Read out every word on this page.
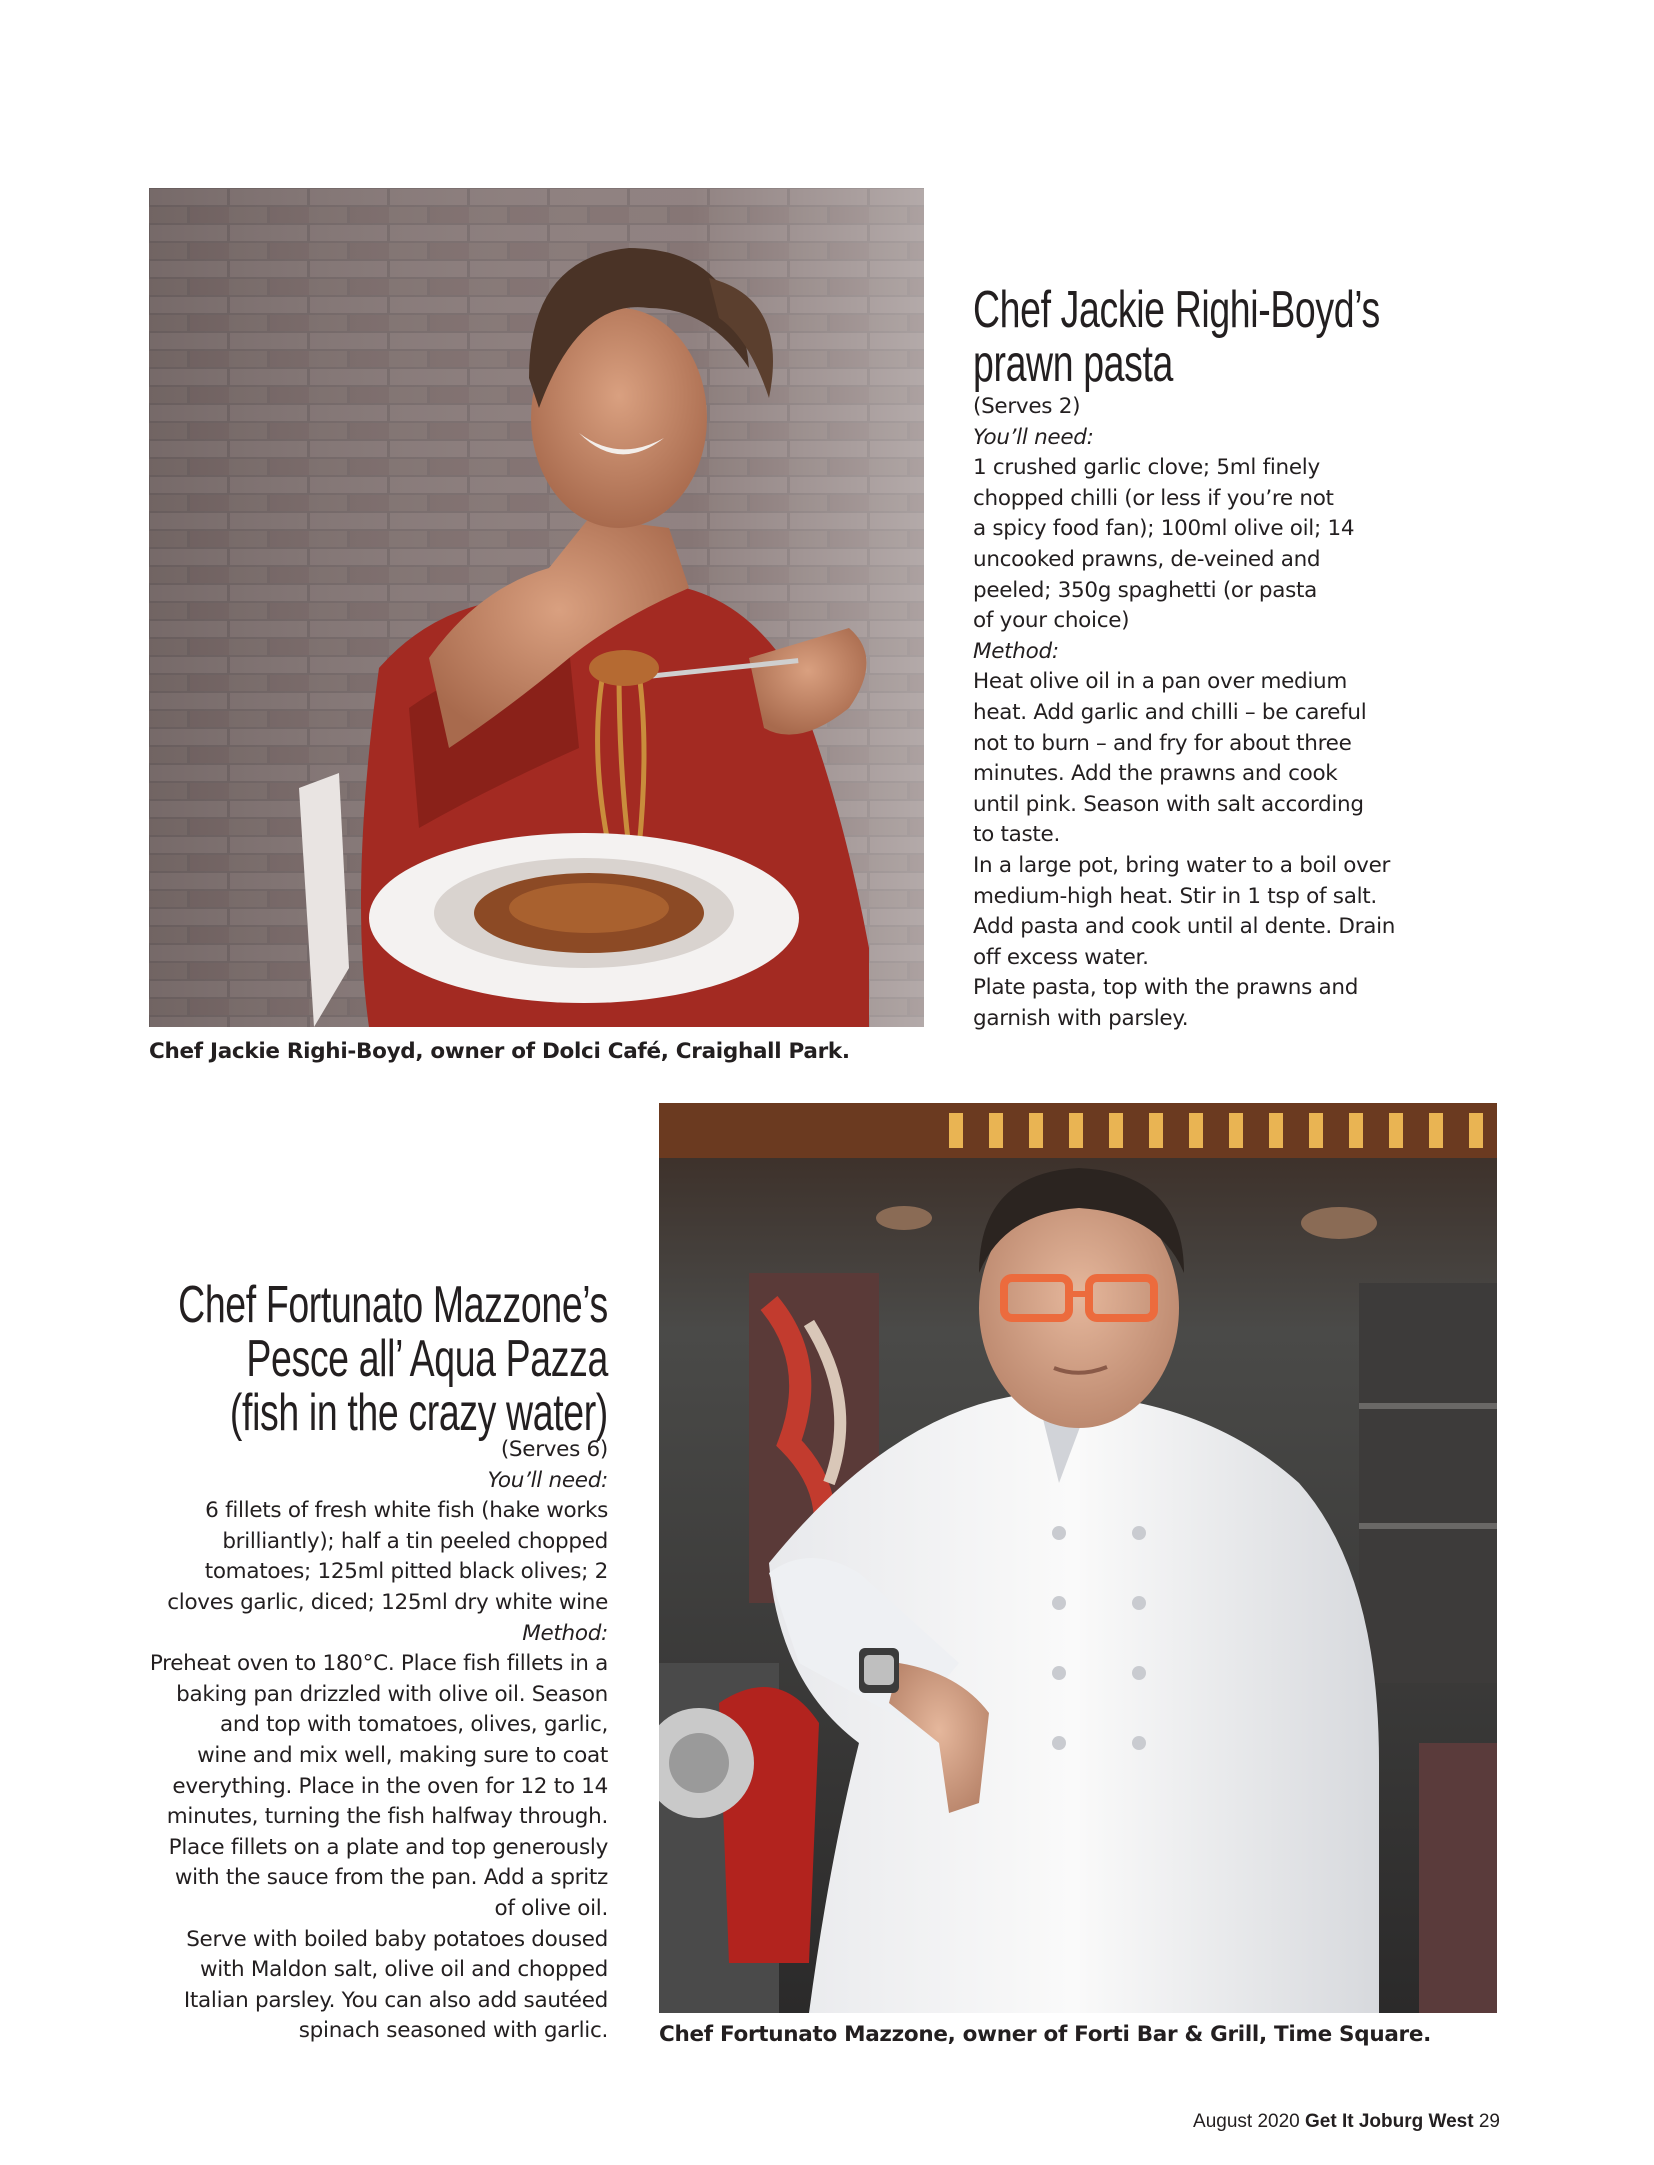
Chef Jackie Righi-Boyd’s
prawn pasta
(Serves 2)
You’ll need:
1 crushed garlic clove; 5ml finely
chopped chilli (or less if you’re not
a spicy food fan); 100ml olive oil; 14
uncooked prawns, de-veined and
peeled; 350g spaghetti (or pasta
of your choice)
Method:
Heat olive oil in a pan over medium
heat. Add garlic and chilli – be careful
not to burn – and fry for about three
minutes. Add the prawns and cook
until pink. Season with salt according
to taste.
In a large pot, bring water to a boil over
medium-high heat. Stir in 1 tsp of salt.
Add pasta and cook until al dente. Drain
off excess water.
Plate pasta, top with the prawns and
garnish with parsley.
Chef Jackie Righi-Boyd, owner of Dolci Café, Craighall Park.
Chef Fortunato Mazzone’s
Pesce all’ Aqua Pazza
(fish in the crazy water)
(Serves 6)
You’ll need:
6 fillets of fresh white fish (hake works
brilliantly); half a tin peeled chopped
tomatoes; 125ml pitted black olives; 2
cloves garlic, diced; 125ml dry white wine
Method:
Preheat oven to 180°C. Place fish fillets in a
baking pan drizzled with olive oil. Season
and top with tomatoes, olives, garlic,
wine and mix well, making sure to coat
everything. Place in the oven for 12 to 14
minutes, turning the fish halfway through.
Place fillets on a plate and top generously
with the sauce from the pan. Add a spritz
of olive oil.
Serve with boiled baby potatoes doused
with Maldon salt, olive oil and chopped
Italian parsley. You can also add sautéed
spinach seasoned with garlic. Chef Fortunato Mazzone, owner of Forti Bar & Grill, Time Square.
August 2020 Get It Joburg West 29
